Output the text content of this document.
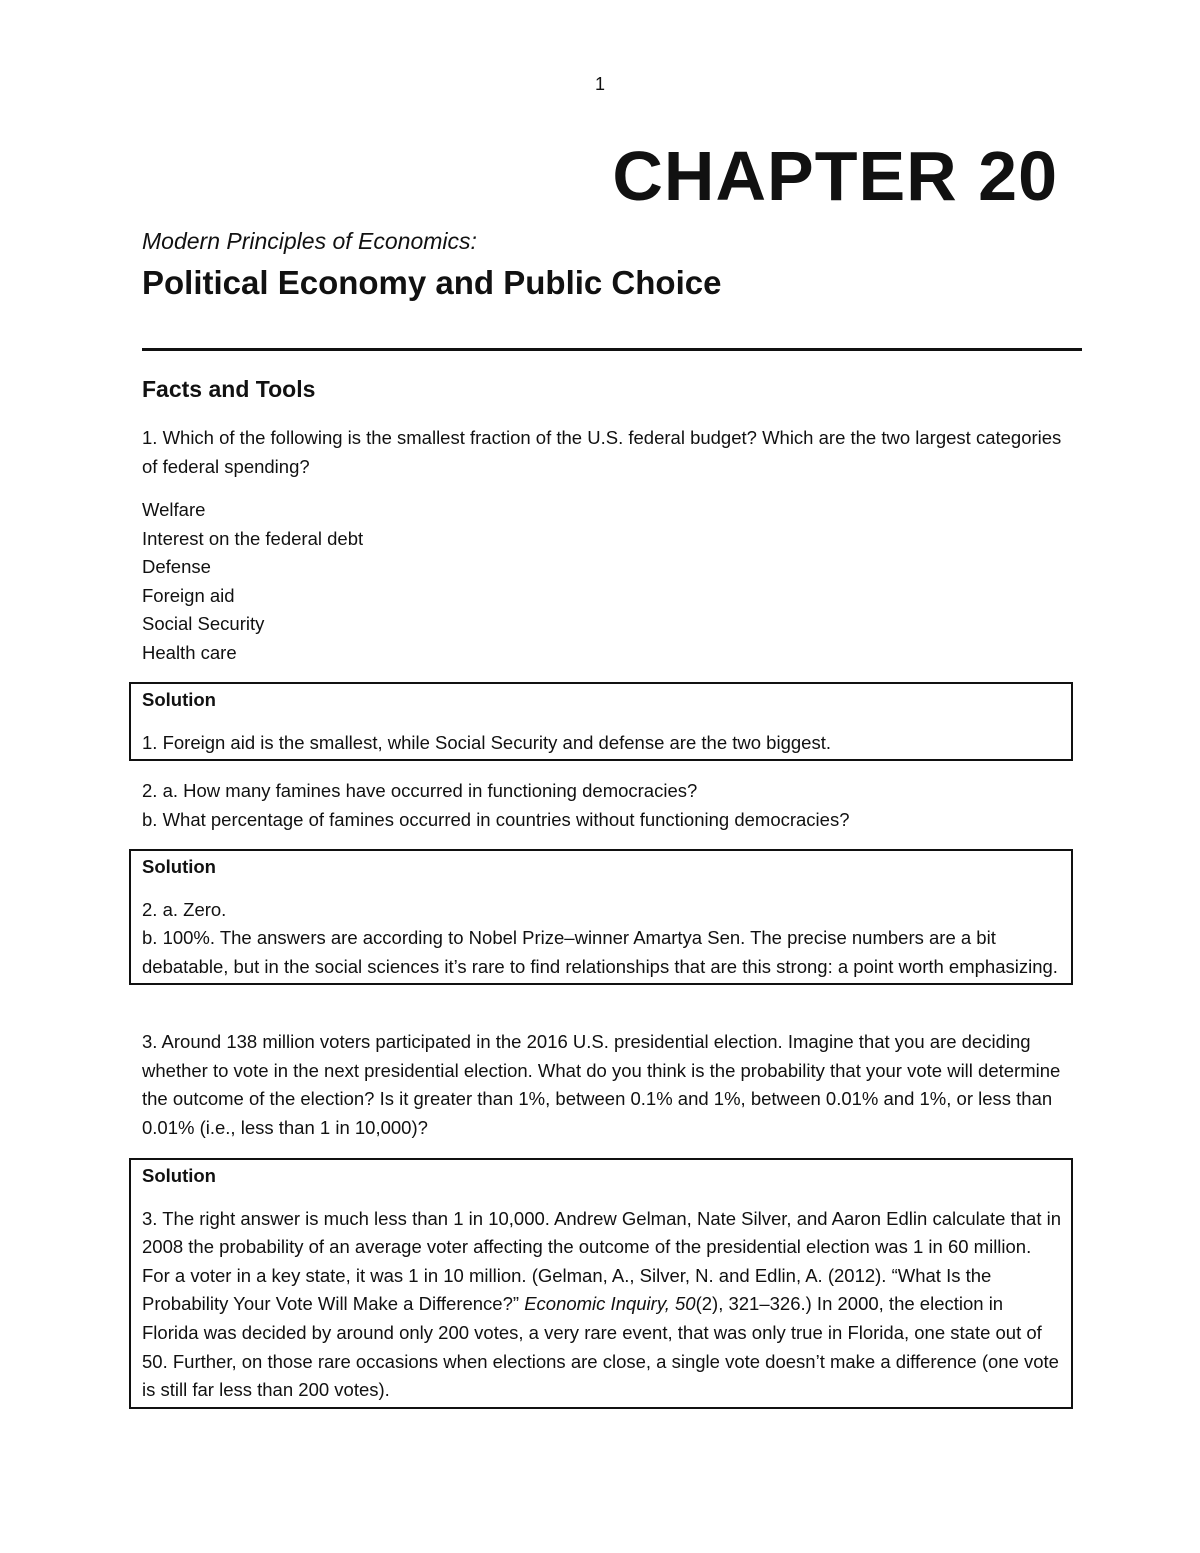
1
CHAPTER 20
Modern Principles of Economics:
Political Economy and Public Choice
Facts and Tools
1. Which of the following is the smallest fraction of the U.S. federal budget? Which are the two largest categories of federal spending?
Welfare
Interest on the federal debt
Defense
Foreign aid
Social Security
Health care
Solution
1. Foreign aid is the smallest, while Social Security and defense are the two biggest.
2. a. How many famines have occurred in functioning democracies?
b. What percentage of famines occurred in countries without functioning democracies?
Solution
2. a. Zero.
b. 100%. The answers are according to Nobel Prize–winner Amartya Sen. The precise numbers are a bit debatable, but in the social sciences it’s rare to find relationships that are this strong: a point worth emphasizing.
3. Around 138 million voters participated in the 2016 U.S. presidential election. Imagine that you are deciding whether to vote in the next presidential election. What do you think is the probability that your vote will determine the outcome of the election? Is it greater than 1%, between 0.1% and 1%, between 0.01% and 1%, or less than 0.01% (i.e., less than 1 in 10,000)?
Solution
3. The right answer is much less than 1 in 10,000. Andrew Gelman, Nate Silver, and Aaron Edlin calculate that in 2008 the probability of an average voter affecting the outcome of the presidential election was 1 in 60 million. For a voter in a key state, it was 1 in 10 million. (Gelman, A., Silver, N. and Edlin, A. (2012). “What Is the Probability Your Vote Will Make a Difference?” Economic Inquiry, 50(2), 321–326.) In 2000, the election in Florida was decided by around only 200 votes, a very rare event, that was only true in Florida, one state out of 50. Further, on those rare occasions when elections are close, a single vote doesn’t make a difference (one vote is still far less than 200 votes).
